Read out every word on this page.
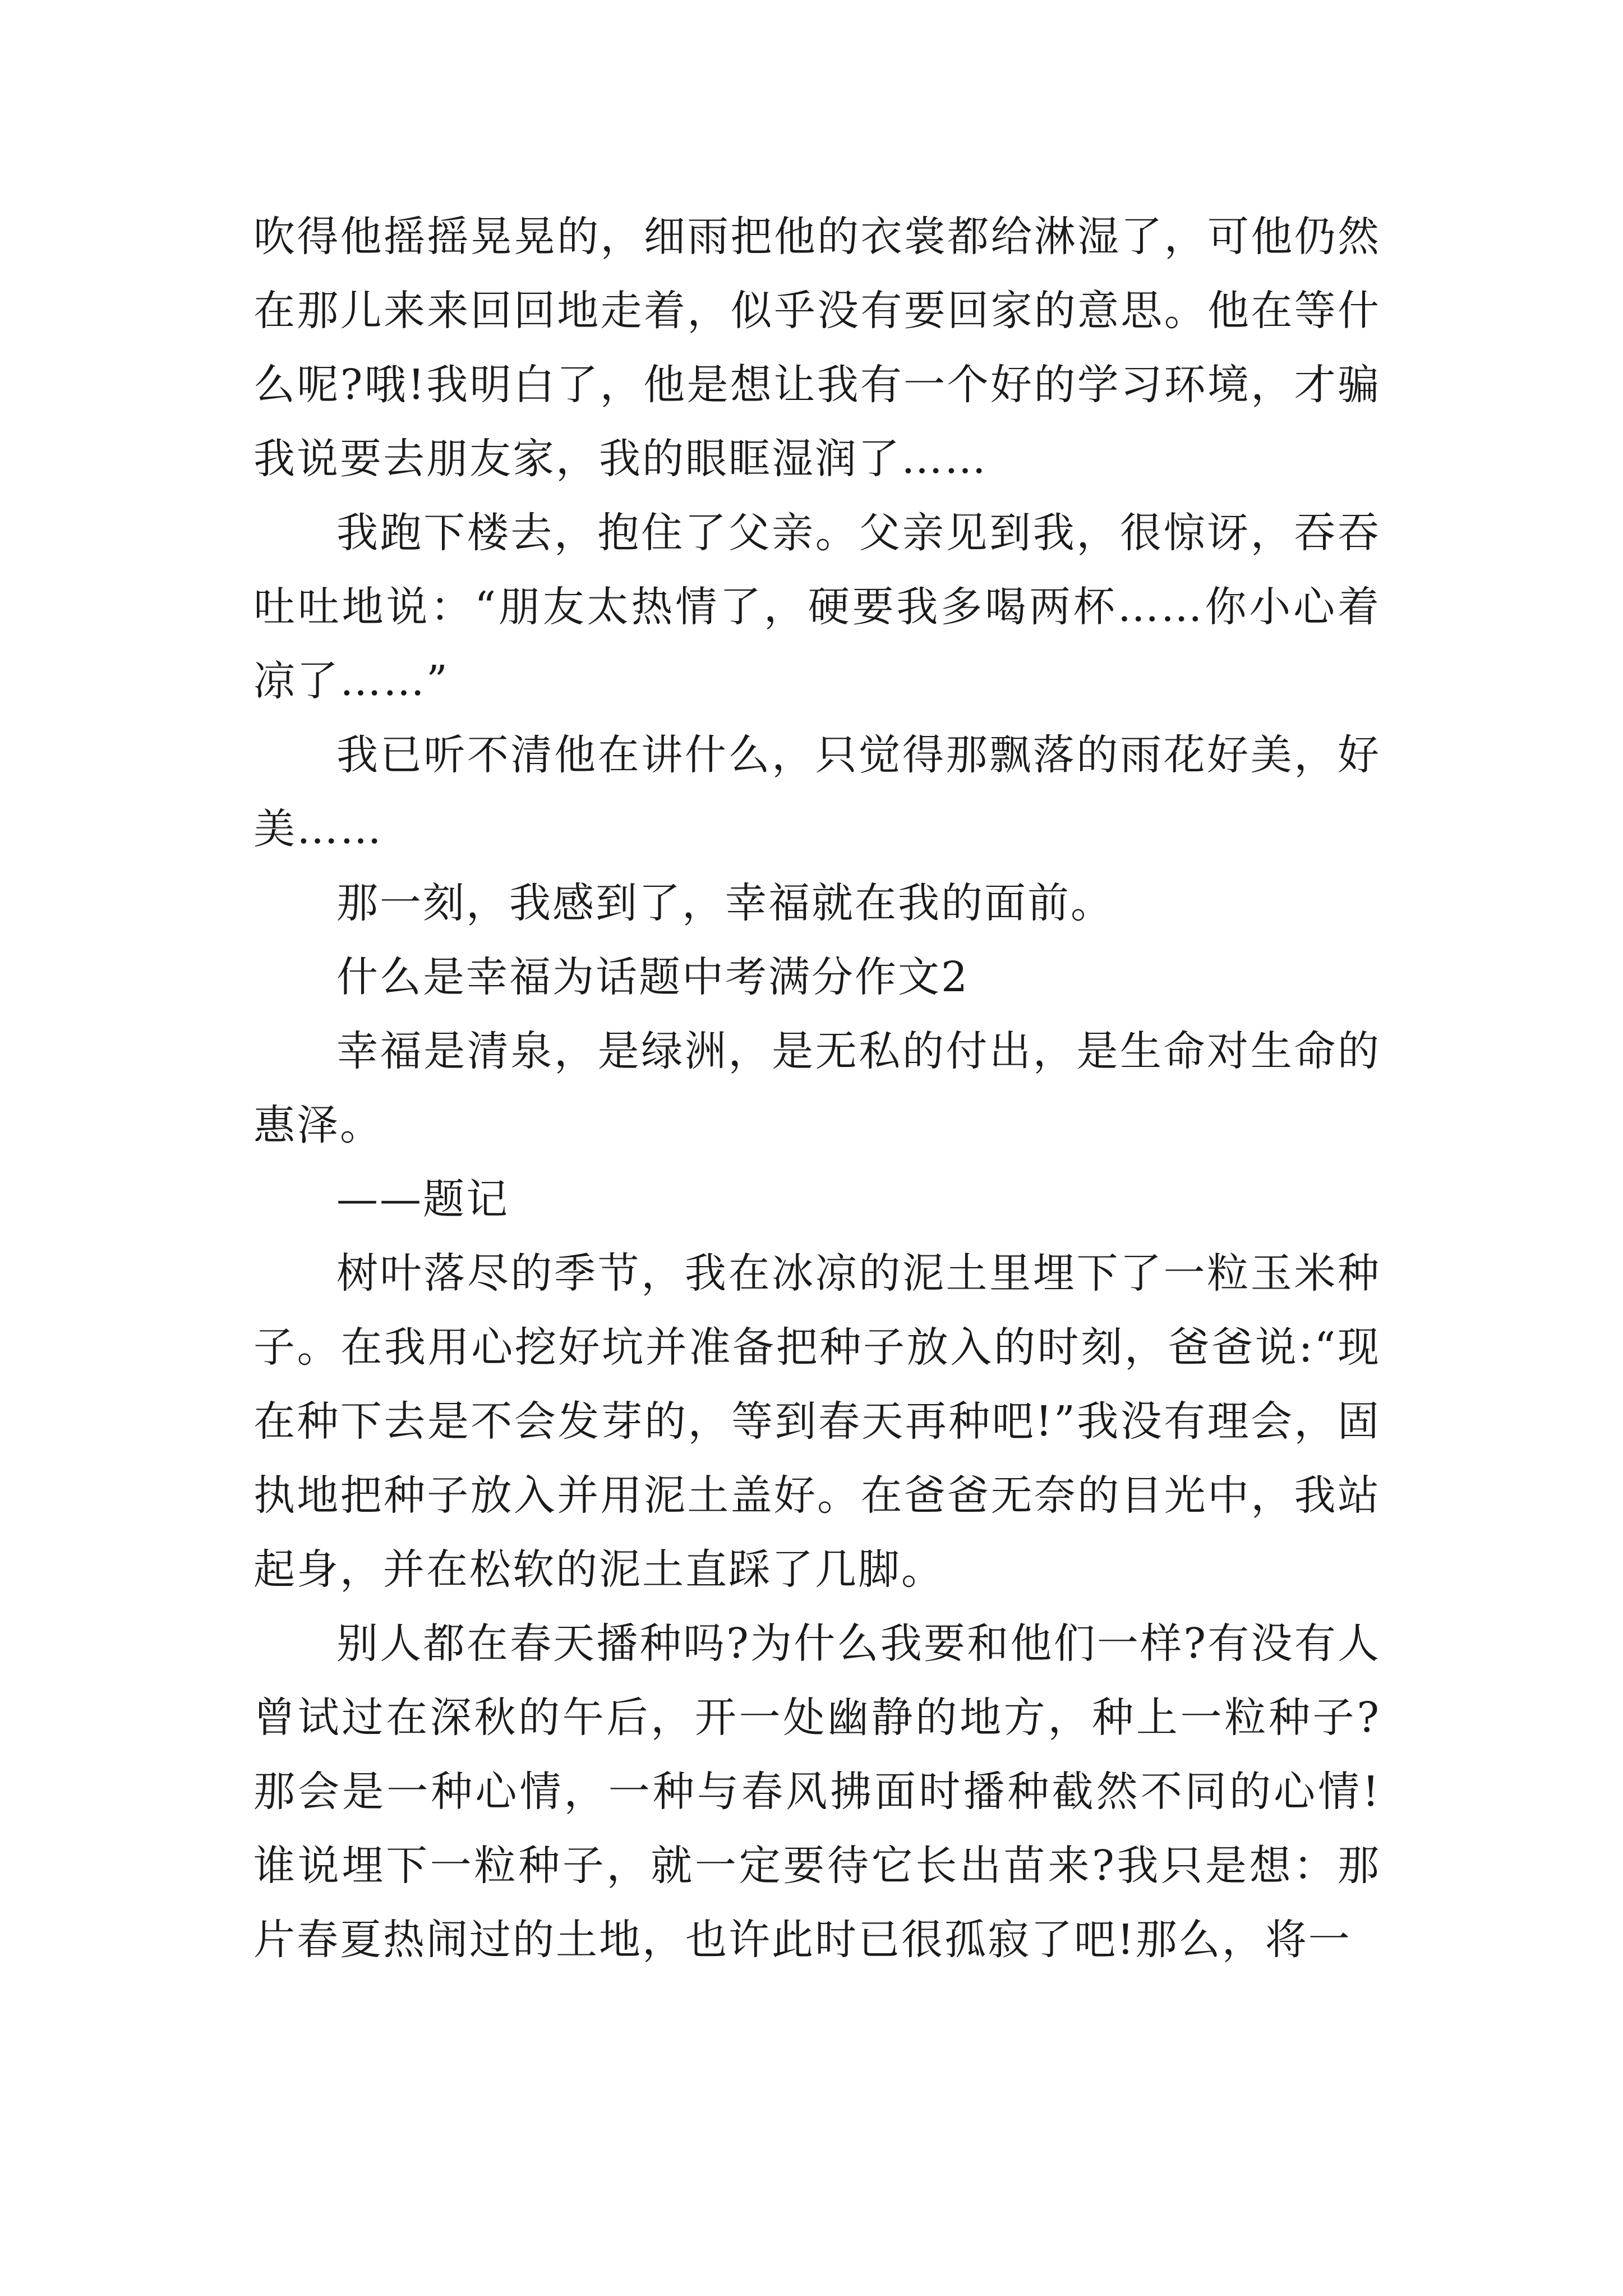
吹得他摇摇晃晃的，细雨把他的衣裳都给淋湿了，可他仍然在那儿来来回回地走着，似乎没有要回家的意思。他在等什么呢?哦!我明白了，他是想让我有一个好的学习环境，才骗我说要去朋友家，我的眼眶湿润了……

我跑下楼去，抱住了父亲。父亲见到我，很惊讶，吞吞吐吐地说：“朋友太热情了，硬要我多喝两杯……你小心着凉了……”

我已听不清他在讲什么，只觉得那飘落的雨花好美，好美……

那一刻，我感到了，幸福就在我的面前。

什么是幸福为话题中考满分作文2

幸福是清泉，是绿洲，是无私的付出，是生命对生命的惠泽。

——题记

树叶落尽的季节，我在冰凉的泥土里埋下了一粒玉米种子。在我用心挖好坑并准备把种子放入的时刻，爸爸说:“现在种下去是不会发芽的，等到春天再种吧!”我没有理会，固执地把种子放入并用泥土盖好。在爸爸无奈的目光中，我站起身，并在松软的泥土直踩了几脚。

别人都在春天播种吗?为什么我要和他们一样?有没有人曾试过在深秋的午后，开一处幽静的地方，种上一粒种子?那会是一种心情，一种与春风拂面时播种截然不同的心情!谁说埋下一粒种子，就一定要待它长出苗来?我只是想：那片春夏热闹过的土地，也许此时已很孤寂了吧!那么，将一
